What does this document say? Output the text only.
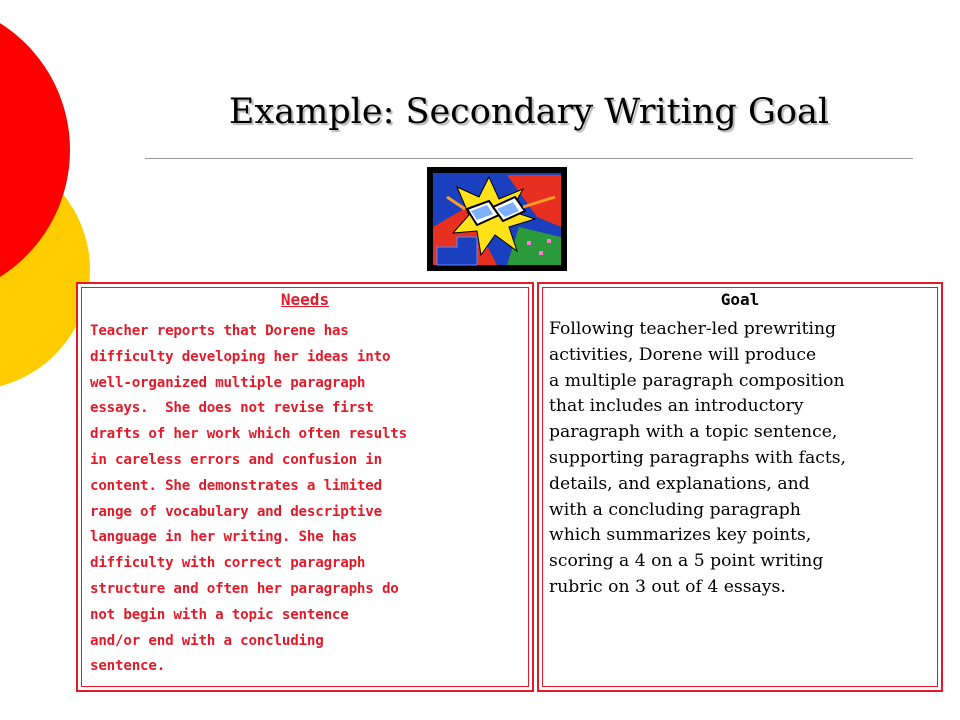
Example: Secondary Writing Goal
Needs
Teacher reports that Dorene has
difficulty developing her ideas into
well-organized multiple paragraph
essays.  She does not revise first
drafts of her work which often results
in careless errors and confusion in
content. She demonstrates a limited
range of vocabulary and descriptive
language in her writing. She has
difficulty with correct paragraph
structure and often her paragraphs do
not begin with a topic sentence
and/or end with a concluding
sentence.
Goal
Following teacher-led prewriting
activities, Dorene will produce
a multiple paragraph composition
that includes an introductory
paragraph with a topic sentence,
supporting paragraphs with facts,
details, and explanations, and
with a concluding paragraph
which summarizes key points,
scoring a 4 on a 5 point writing
rubric on 3 out of 4 essays.
